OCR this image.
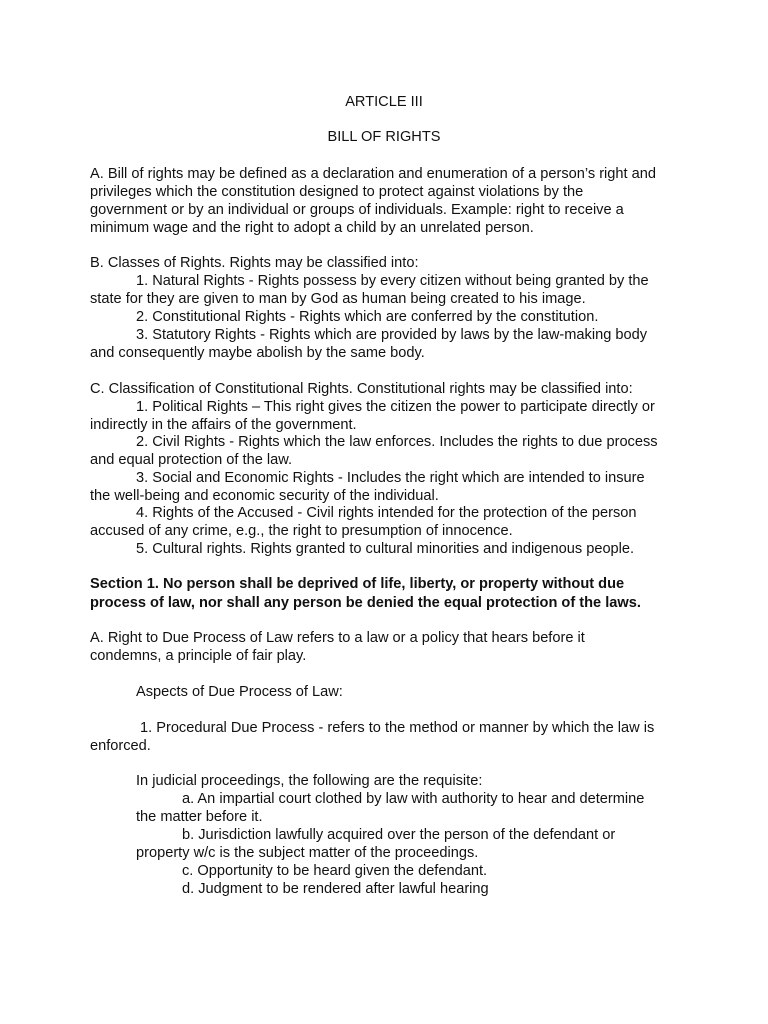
ARTICLE III
BILL OF RIGHTS
A. Bill of rights may be defined as a declaration and enumeration of a person’s right and
privileges which the constitution designed to protect against violations by the
government or by an individual or groups of individuals. Example: right to receive a
minimum wage and the right to adopt a child by an unrelated person.
B. Classes of Rights. Rights may be classified into:
1. Natural Rights - Rights possess by every citizen without being granted by the
state for they are given to man by God as human being created to his image.
2. Constitutional Rights - Rights which are conferred by the constitution.
3. Statutory Rights - Rights which are provided by laws by the law-making body
and consequently maybe abolish by the same body.
C. Classification of Constitutional Rights. Constitutional rights may be classified into:
1. Political Rights – This right gives the citizen the power to participate directly or
indirectly in the affairs of the government.
2. Civil Rights - Rights which the law enforces. Includes the rights to due process
and equal protection of the law.
3. Social and Economic Rights - Includes the right which are intended to insure
the well-being and economic security of the individual.
4. Rights of the Accused - Civil rights intended for the protection of the person
accused of any crime, e.g., the right to presumption of innocence.
5. Cultural rights. Rights granted to cultural minorities and indigenous people.
Section 1. No person shall be deprived of life, liberty, or property without due
process of law, nor shall any person be denied the equal protection of the laws.
A. Right to Due Process of Law refers to a law or a policy that hears before it
condemns, a principle of fair play.
Aspects of Due Process of Law:
1. Procedural Due Process - refers to the method or manner by which the law is
enforced.
In judicial proceedings, the following are the requisite:
a. An impartial court clothed by law with authority to hear and determine
the matter before it.
b. Jurisdiction lawfully acquired over the person of the defendant or
property w/c is the subject matter of the proceedings.
c. Opportunity to be heard given the defendant.
d. Judgment to be rendered after lawful hearing
